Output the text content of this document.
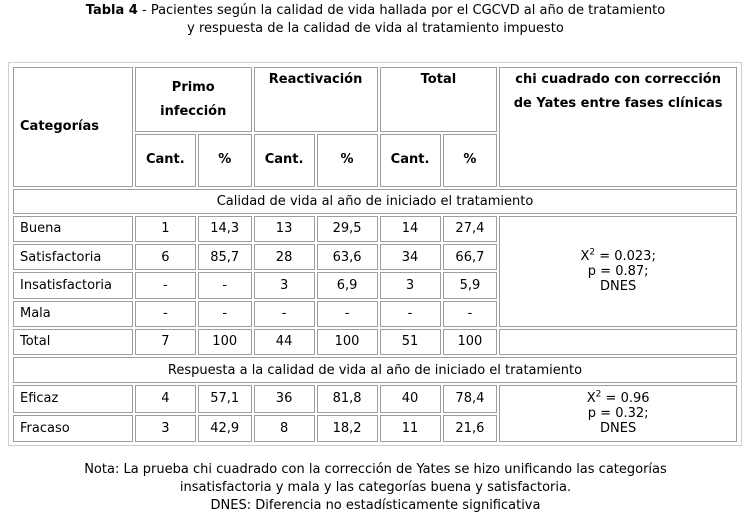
Tabla 4 - Pacientes según la calidad de vida hallada por el CGCVD al año de tratamiento
y respuesta de la calidad de vida al tratamiento impuesto
Categorías	Primo infección		Reactivación		Total		chi cuadrado con corrección de Yates entre fases clínicas
	Cant.	%	Cant.	%	Cant.	%	
Calidad de vida al año de iniciado el tratamiento							
Buena	1	14,3	13	29,5	14	27,4	$X^2 = 0.023$;
p = 0.87;
DNES

Satisfactoria	6	85,7	28	63,6	34	66,7	
Insatisfactoria	-	-	3	6,9	3	5,9	
Mala	-	-	-	-	-	-	
Total	7	100	44	100	51	100	
Respuesta a la calidad de vida al año de iniciado el tratamiento							
Eficaz	4	57,1	36	81,8	40	78,4	$X^2 = 0.96$
p = 0.32;
DNES

Fracaso	3	42,9	8	18,2	11	21,6	
Nota: La prueba chi cuadrado con la corrección de Yates se hizo unificando las categorías
insatisfactoria y mala y las categorías buena y satisfactoria.
DNES: Diferencia no estadísticamente significativa
